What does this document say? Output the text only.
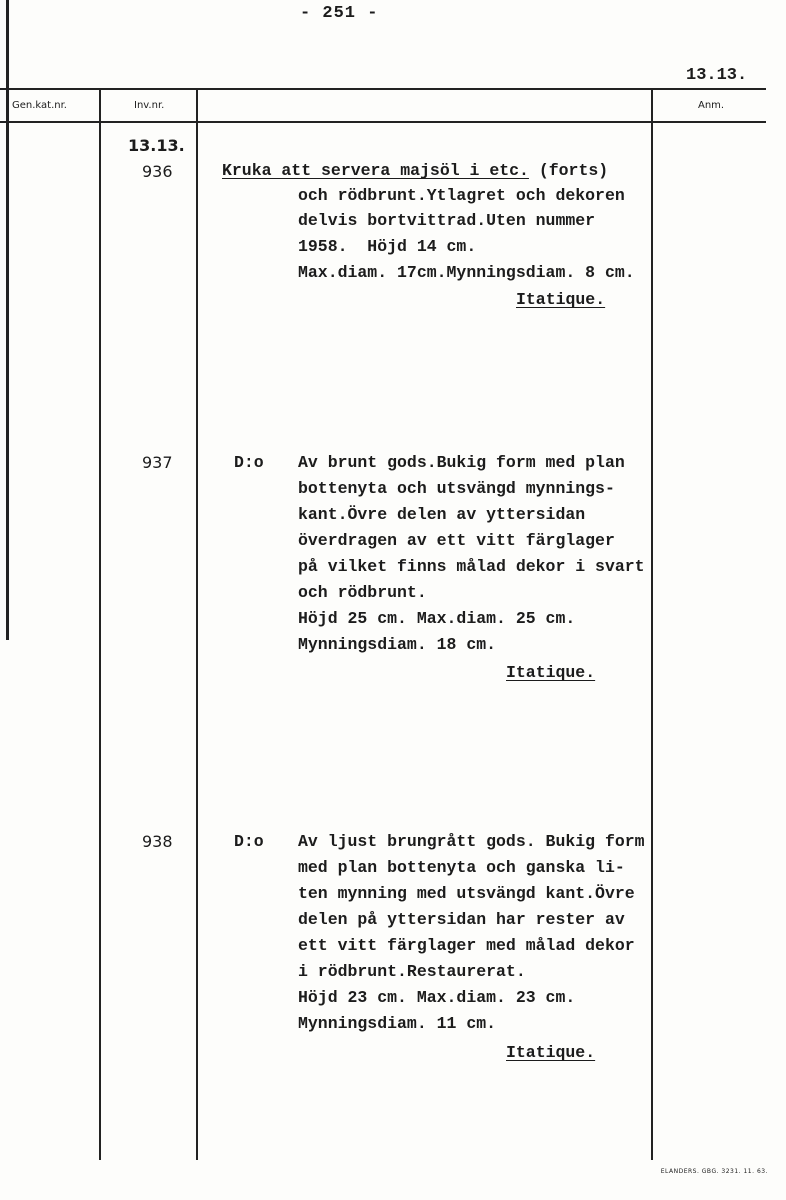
- 251 -
13.13.
Gen.kat.nr.	Inv.nr.	Anm.
13.13.
936	Kruka att servera majsöl i etc. (forts)
och rödbrunt.Ytlagret och dekoren
delvis bortvittrad.Uten nummer
1958.  Höjd 14 cm.
Max.diam. 17cm.Mynningsdiam. 8 cm.
Itatique.
937	D:o Av brunt gods.Bukig form med plan
bottenyta och utsvängd mynnings-
kant.Övre delen av yttersidan
överdragen av ett vitt färglager
på vilket finns målad dekor i svart
och rödbrunt.
Höjd 25 cm. Max.diam. 25 cm.
Mynningsdiam. 18 cm.
Itatique.
938	D:o Av ljust brungrått gods. Bukig form
med plan bottenyta och ganska li-
ten mynning med utsvängd kant.Övre
delen på yttersidan har rester av
ett vitt färglager med målad dekor
i rödbrunt.Restaurerat.
Höjd 23 cm. Max.diam. 23 cm.
Mynningsdiam. 11 cm.
Itatique.
ELANDERS. GBG. 3231. 11. 63.
